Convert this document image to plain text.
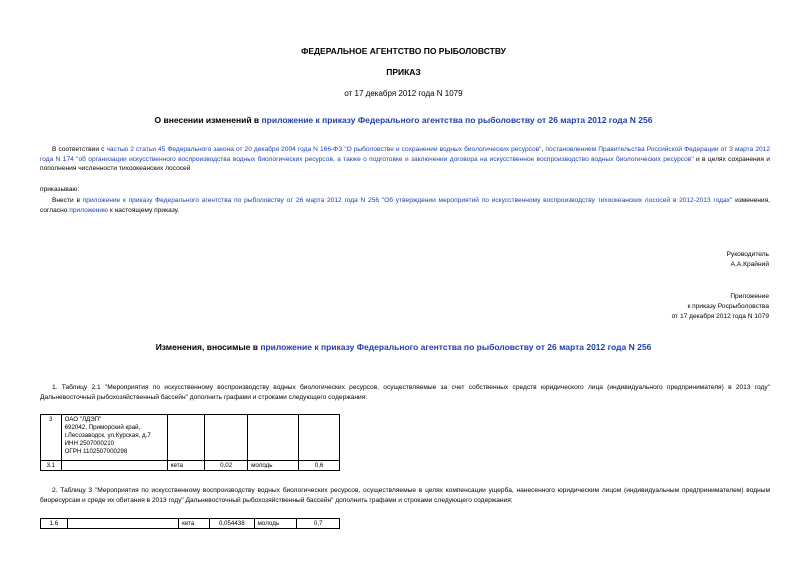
ФЕДЕРАЛЬНОЕ АГЕНТСТВО ПО РЫБОЛОВСТВУ
ПРИКАЗ
от 17 декабря 2012 года N 1079
О внесении изменений в приложение к приказу Федерального агентства по рыболовству от 26 марта 2012 года N 256
В соответствии с частью 2 статьи 45 Федерального закона от 20 декабря 2004 года N 166-ФЗ "О рыболовстве и сохранении водных биологических ресурсов", постановлением Правительства Российской Федерации от 3 марта 2012 года N 174 "об организации искусственного воспроизводства водных биологических ресурсов, а также о подготовке и заключении договора на искусственное воспроизводство водных биологических ресурсов" и в целях сохранения и пополнения численности тихоокеанских лососей
приказываю:
Внести в приложение к приказу Федерального агентства по рыболовству от 26 марта 2012 года N 256 "Об утверждении мероприятий по искусственному воспроизводству тихоокеанских лососей в 2012-2013 годах" изменения, согласно приложению к настоящему приказу.
Руководитель
А.А.Крайний
Приложение
к приказу Росрыболовства
от 17 декабря 2012 года N 1079
Изменения, вносимые в приложение к приказу Федерального агентства по рыболовству от 26 марта 2012 года N 256
1. Таблицу 2.1 "Мероприятия по искусственному воспроизводству водных биологических ресурсов, осуществляемые за счет собственных средств юридического лица (индивидуального предпринимателя) в 2013 году" Дальневосточный рыбохозяйственный бассейн" дополнить графами и строками следующего содержания:
3	ОАО "ЛДЭП"
692042, Приморский край,
г.Лесозаводск, ул.Курская, д.7
ИНН 2507000210
ОГРН 1102507000298				

3.1		кета	0,02	молодь	0,6
2. Таблицу 3 "Мероприятия по искусственному воспроизводству водных биологических ресурсов, осуществляемые в целях компенсации ущерба, нанесенного юридическим лицом (индивидуальным предпринимателем) водным биоресурсам и среде их обитания в 2013 году" Дальневосточный рыбохозяйственный бассейн" дополнить графами и строками следующего содержания:
1.6		кета	0,054438	молодь	0,7
